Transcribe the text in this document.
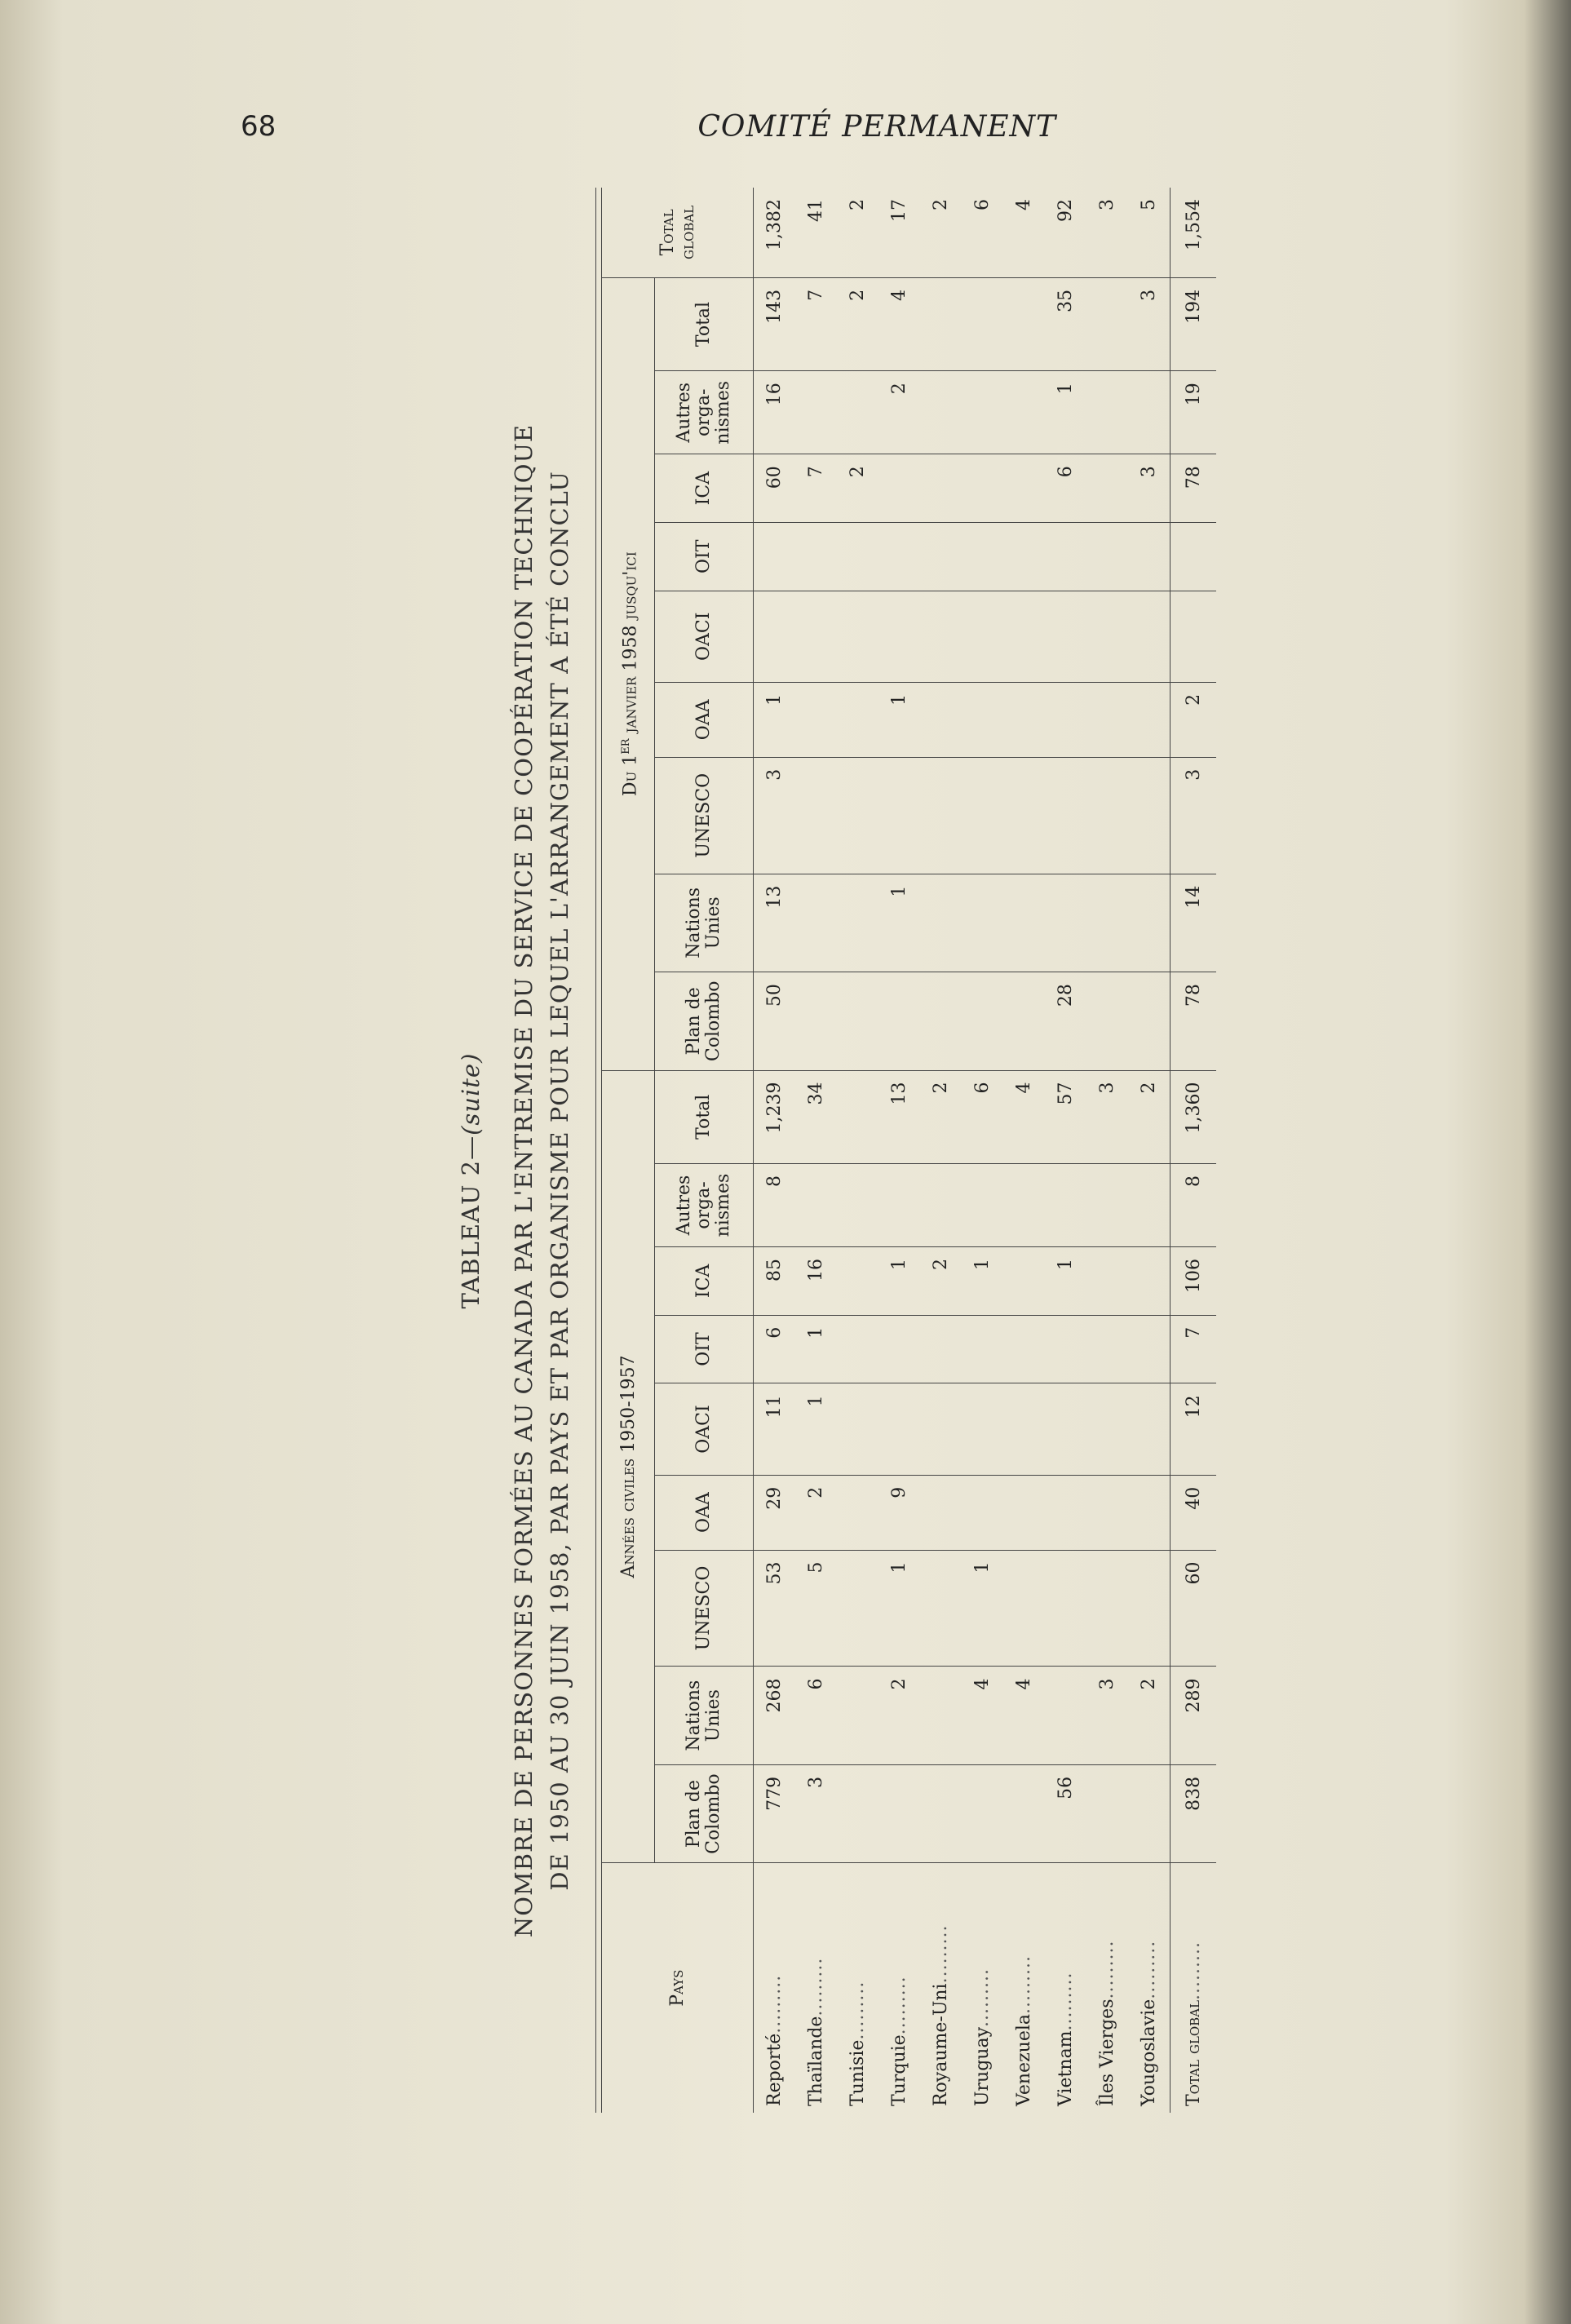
68	COMITÉ PERMANENT
TABLEAU 2—(suite) NOMBRE DE PERSONNES FORMÉES AU CANADA PAR L'ENTREMISE DU SERVICE DE COOPÉRATION TECHNIQUE DE 1950 AU 30 JUIN 1958, PAR PAYS ET PAR ORGANISME POUR LEQUEL L'ARRANGEMENT A ÉTÉ CONCLU
Pays	Années civiles 1950-1957									Du 1er janvier 1958 jusqu'ici									Total global
	Plan de Colombo	Nations Unies	UNESCO	OAA	OACI	OIT	ICA	Autres orga- nismes	Total	Plan de Colombo	Nations Unies	UNESCO	OAA	OACI	OIT	ICA	Autres orga- nismes	Total	
Reporté.........	779	268	53	29	11	6	85	8	1,239	50	13	3	1			60	16	143	1,382
Thaïlande.........	3	6	5	2	1	1	16		34							7		7	41
Tunisie.........																2		2	2
Turquie.........		2	1	9			1		13		1		1				2	4	17
Royaume-Uni.........							2		2										2
Uruguay.........		4	1				1		6										6
Venezuela.........		4							4										4
Vietnam.........	56						1		57	28						6	1	35	92
Îles Vierges.........		3							3										3
Yougoslavie.........		2							2							3		3	5
Total global.........	838	289	60	40	12	7	106	8	1,360	78	14	3	2			78	19	194	1,554
